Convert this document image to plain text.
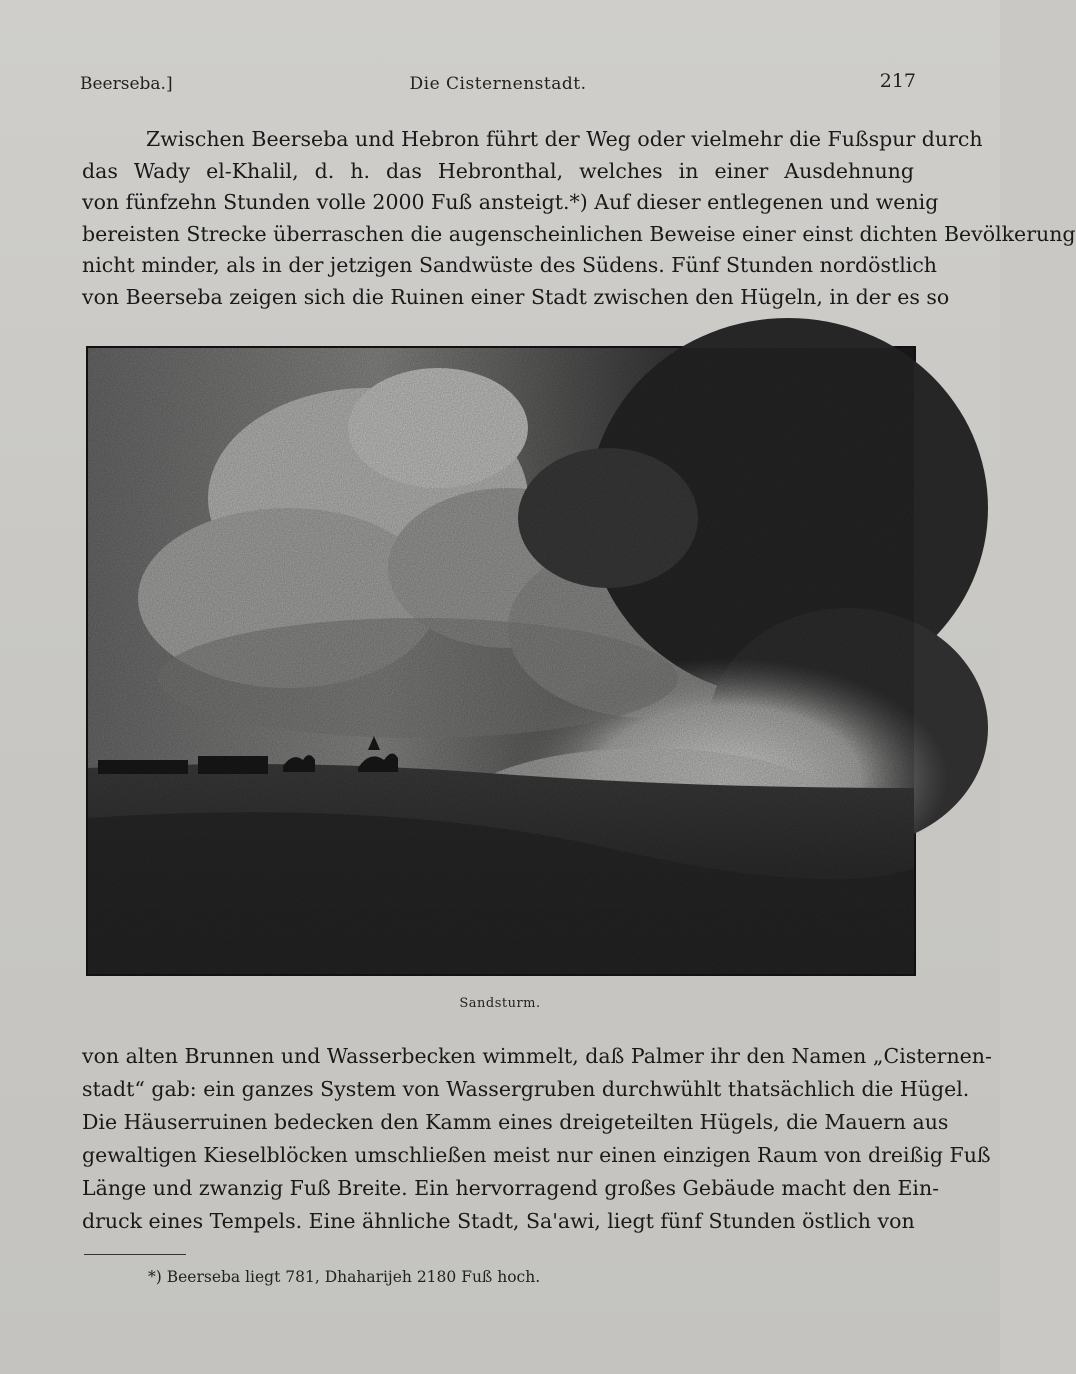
Beerseba.]	Die Cisternenstadt.	217
Zwischen Beerseba und Hebron führt der Weg oder vielmehr die Fußspur durch
das Wady el-Khalil, d. h. das Hebronthal, welches in einer Ausdehnung
von fünfzehn Stunden volle 2000 Fuß ansteigt.*) Auf dieser entlegenen und wenig
bereisten Strecke überraschen die augenscheinlichen Beweise einer einst dichten Bevölkerung
nicht minder, als in der jetzigen Sandwüste des Südens. Fünf Stunden nordöstlich
von Beerseba zeigen sich die Ruinen einer Stadt zwischen den Hügeln, in der es so
Sandsturm.
von alten Brunnen und Wasserbecken wimmelt, daß Palmer ihr den Namen „Cisternen-
stadt“ gab: ein ganzes System von Wassergruben durchwühlt thatsächlich die Hügel.
Die Häuserruinen bedecken den Kamm eines dreigeteilten Hügels, die Mauern aus
gewaltigen Kieselblöcken umschließen meist nur einen einzigen Raum von dreißig Fuß
Länge und zwanzig Fuß Breite. Ein hervorragend großes Gebäude macht den Ein-
druck eines Tempels. Eine ähnliche Stadt, Sa'awi, liegt fünf Stunden östlich von
*) Beerseba liegt 781, Dhaharijeh 2180 Fuß hoch.
